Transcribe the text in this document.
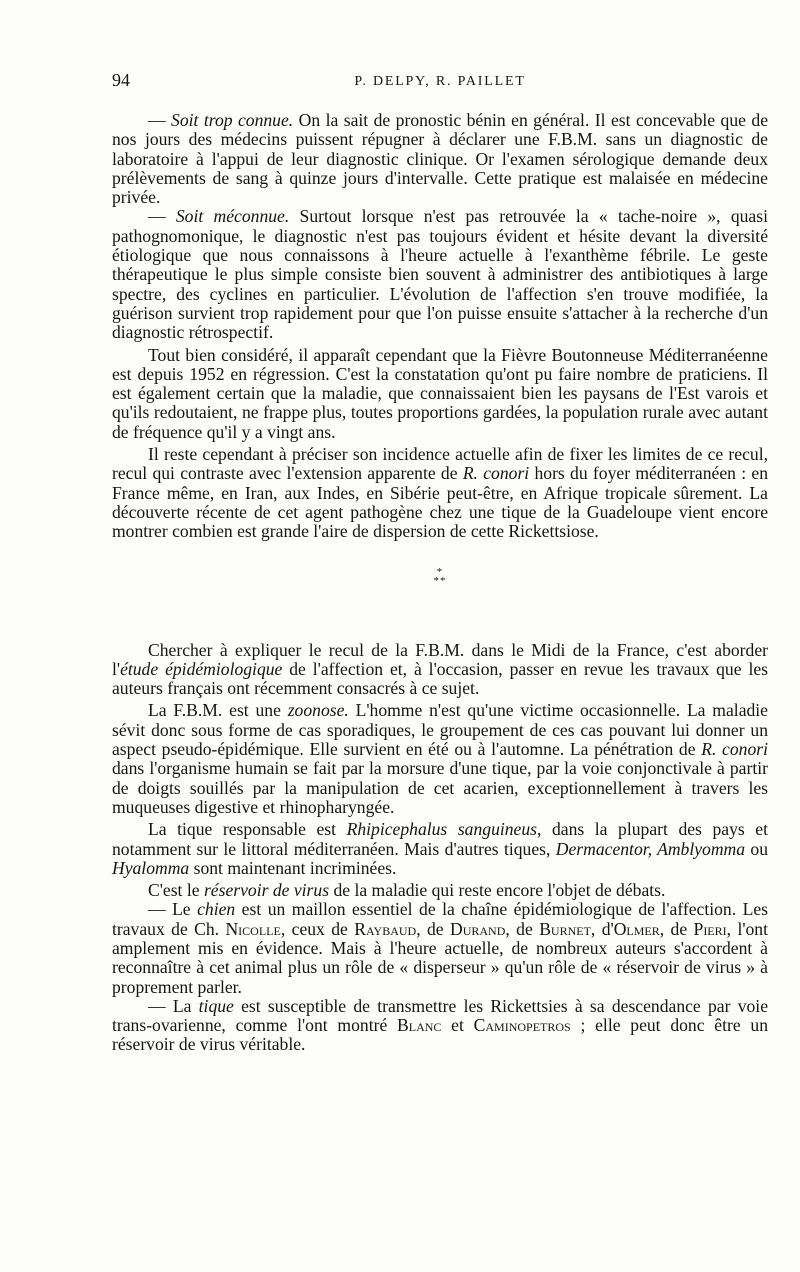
94	P. DELPY, R. PAILLET

— Soit trop connue. On la sait de pronostic bénin en général. Il est concevable que de nos jours des médecins puissent répugner à déclarer une F.B.M. sans un diagnostic de laboratoire à l'appui de leur diagnostic clinique. Or l'examen sérologique demande deux prélèvements de sang à quinze jours d'intervalle. Cette pratique est malaisée en médecine privée.

— Soit méconnue. Surtout lorsque n'est pas retrouvée la « tache-noire », quasi pathognomonique, le diagnostic n'est pas toujours évident et hésite devant la diversité étiologique que nous connaissons à l'heure actuelle à l'exanthème fébrile. Le geste thérapeutique le plus simple consiste bien souvent à administrer des antibiotiques à large spectre, des cyclines en particulier. L'évolution de l'affection s'en trouve modifiée, la guérison survient trop rapidement pour que l'on puisse ensuite s'attacher à la recherche d'un diagnostic rétrospectif.

Tout bien considéré, il apparaît cependant que la Fièvre Boutonneuse Méditerranéenne est depuis 1952 en régression. C'est la constatation qu'ont pu faire nombre de praticiens. Il est également certain que la maladie, que connaissaient bien les paysans de l'Est varois et qu'ils redoutaient, ne frappe plus, toutes proportions gardées, la population rurale avec autant de fréquence qu'il y a vingt ans.

Il reste cependant à préciser son incidence actuelle afin de fixer les limites de ce recul, recul qui contraste avec l'extension apparente de R. conori hors du foyer méditerranéen : en France même, en Iran, aux Indes, en Sibérie peut-être, en Afrique tropicale sûrement. La découverte récente de cet agent pathogène chez une tique de la Guadeloupe vient encore montrer combien est grande l'aire de dispersion de cette Rickettsiose.

*
**

Chercher à expliquer le recul de la F.B.M. dans le Midi de la France, c'est aborder l'étude épidémiologique de l'affection et, à l'occasion, passer en revue les travaux que les auteurs français ont récemment consacrés à ce sujet.

La F.B.M. est une zoonose. L'homme n'est qu'une victime occasionnelle. La maladie sévit donc sous forme de cas sporadiques, le groupement de ces cas pouvant lui donner un aspect pseudo-épidémique. Elle survient en été ou à l'automne. La pénétration de R. conori dans l'organisme humain se fait par la morsure d'une tique, par la voie conjonctivale à partir de doigts souillés par la manipulation de cet acarien, exceptionnellement à travers les muqueuses digestive et rhinopharyngée.

La tique responsable est Rhipicephalus sanguineus, dans la plupart des pays et notamment sur le littoral méditerranéen. Mais d'autres tiques, Dermacentor, Amblyomma ou Hyalomma sont maintenant incriminées.

C'est le réservoir de virus de la maladie qui reste encore l'objet de débats.

— Le chien est un maillon essentiel de la chaîne épidémiologique de l'affection. Les travaux de Ch. Nicolle, ceux de Raybaud, de Durand, de Burnet, d'Olmer, de Pieri, l'ont amplement mis en évidence. Mais à l'heure actuelle, de nombreux auteurs s'accordent à reconnaître à cet animal plus un rôle de « disperseur » qu'un rôle de « réservoir de virus » à proprement parler.

— La tique est susceptible de transmettre les Rickettsies à sa descendance par voie trans-ovarienne, comme l'ont montré Blanc et Caminopetros ; elle peut donc être un réservoir de virus véritable.
